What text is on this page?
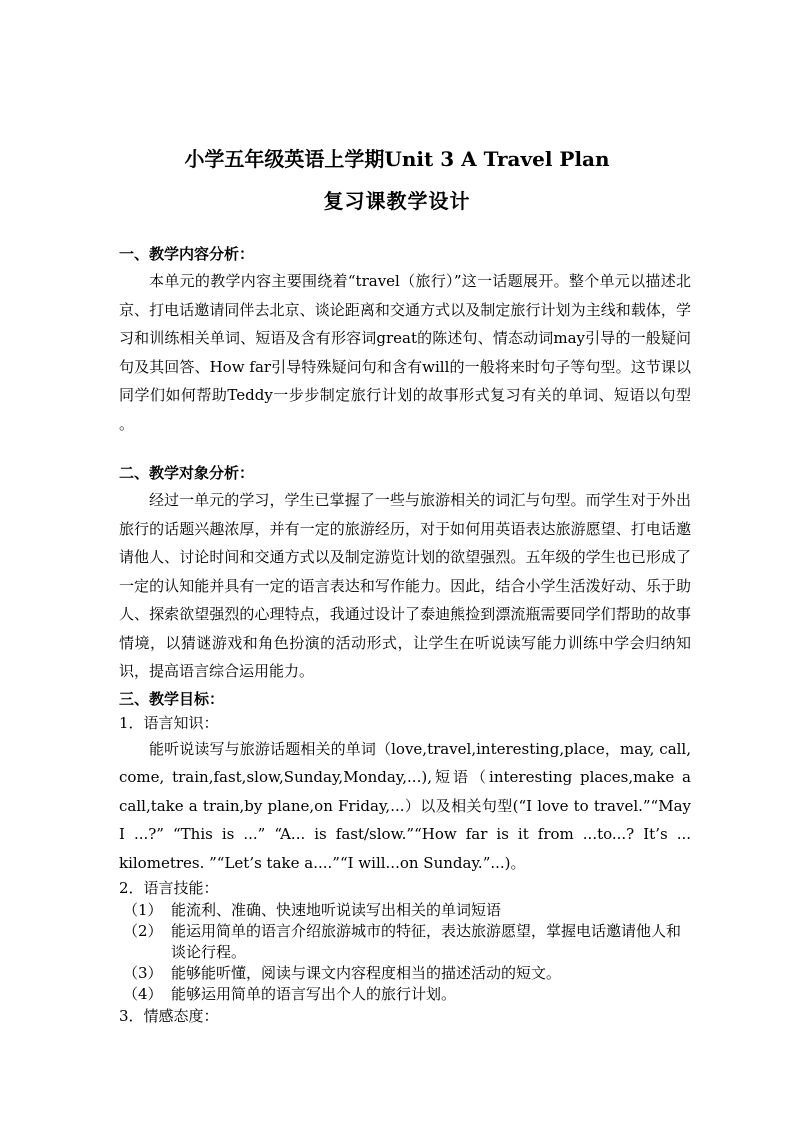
小学五年级英语上学期Unit 3 A Travel Plan
复习课教学设计

一、教学内容分析：

本单元的教学内容主要围绕着“travel（旅行）”这一话题展开。整个单元以描述北京、打电话邀请同伴去北京、谈论距离和交通方式以及制定旅行计划为主线和载体，学习和训练相关单词、短语及含有形容词great的陈述句、情态动词may引导的一般疑问句及其回答、How far引导特殊疑问句和含有will的一般将来时句子等句型。这节课以同学们如何帮助Teddy一步步制定旅行计划的故事形式复习有关的单词、短语以句型 。

二、教学对象分析：

经过一单元的学习，学生已掌握了一些与旅游相关的词汇与句型。而学生对于外出旅行的话题兴趣浓厚，并有一定的旅游经历，对于如何用英语表达旅游愿望、打电话邀请他人、讨论时间和交通方式以及制定游览计划的欲望强烈。五年级的学生也已形成了一定的认知能并具有一定的语言表达和写作能力。因此，结合小学生活泼好动、乐于助人、探索欲望强烈的心理特点，我通过设计了泰迪熊捡到漂流瓶需要同学们帮助的故事情境，以猜谜游戏和角色扮演的活动形式，让学生在听说读写能力训练中学会归纳知识，提高语言综合运用能力。

三、教学目标：

1．语言知识：

能听说读写与旅游话题相关的单词（love,travel,interesting,place，may, call, come, train,fast,slow,Sunday,Monday,...),短语（interesting places,make a call,take a train,by plane,on Friday,...）以及相关句型(“I love to travel.”“May I ...?” “This is ...” “A... is fast/slow.”“How far is it from ...to...? It’s ... kilometres. ”“Let’s take a....”“I will...on Sunday.”...)。

2．语言技能：

（1） 能流利、准确、快速地听说读写出相关的单词短语
（2） 能运用简单的语言介绍旅游城市的特征，表达旅游愿望，掌握电话邀请他人和谈论行程。
（3） 能够能听懂，阅读与课文内容程度相当的描述活动的短文。
（4） 能够运用简单的语言写出个人的旅行计划。

3．情感态度：
